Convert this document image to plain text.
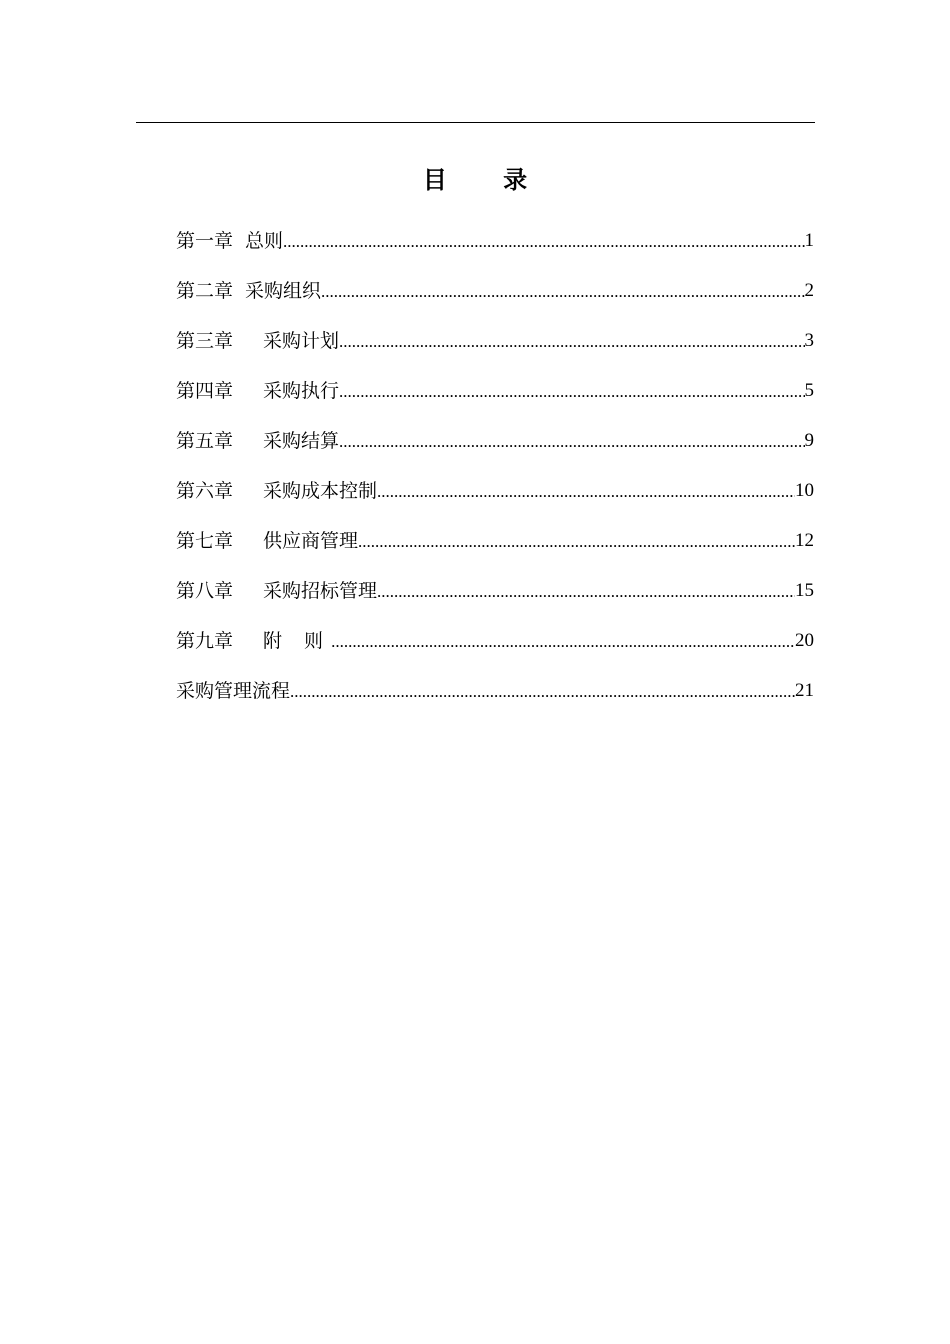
目 录
第一章 总则 .....	1
第二章 采购组织 .....	2
第三章 采购计划 .....	3
第四章 采购执行 .....	5
第五章 采购结算 .....	9
第六章 采购成本控制 .....	10
第七章 供应商管理 .....	12
第八章 采购招标管理 .....	15
第九章 附 则 .....	20
采购管理流程 .....	21
